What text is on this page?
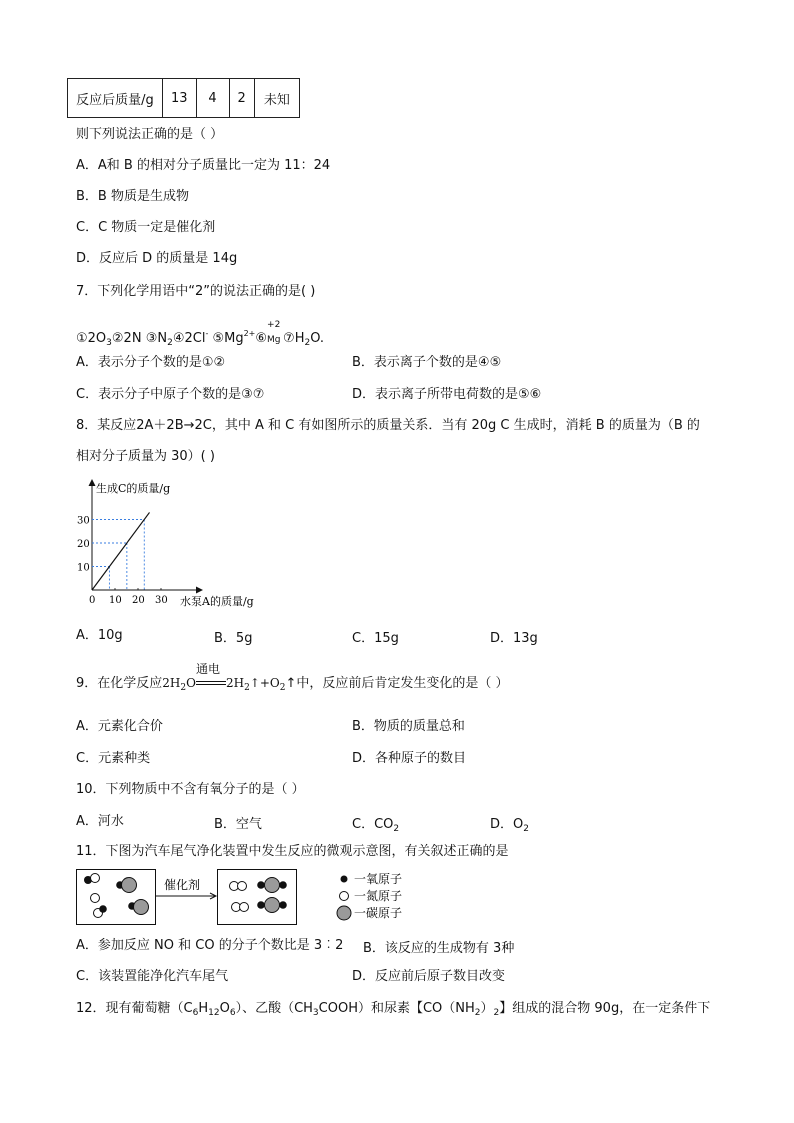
反应后质量/g	13	4	2	未知
则下列说法正确的是（ ）
A．A和 B 的相对分子质量比一定为 11：24
B．B 物质是生成物
C．C 物质一定是催化剂
D．反应后 D 的质量是 14g
7．下列化学用语中“2”的说法正确的是( )
$①2O_3②2N$ $③N_2④2Cl^-$ $⑤Mg^{2+}⑥$
+2
Mg $⑦H_2O$.
A．表示分子个数的是①②	B．表示离子个数的是④⑤
C．表示分子中原子个数的是③⑦	D．表示离子所带电荷数的是⑤⑥
8．某反应2A＋2B→2C，其中 A 和 C 有如图所示的质量关系．当有 20g C 生成时，消耗 B 的质量为（B 的
相对分子质量为 30）( )
生成C的质量/g
水泵A的质量/g
0 10 20 30
10
20
30
A．10g	B．5g	C．15g	D．13g
9．在化学反应$2H_2O$
通电
$2H_2↑+O_2↑$中，反应前后肯定发生变化的是（ ）
A．元素化合价	B．物质的质量总和
C．元素种类	D．各种原子的数目
10．下列物质中不含有氧分子的是（ ）
A．河水	B．空气	C．$CO_2$	D．$O_2$
11．下图为汽车尾气净化装置中发生反应的微观示意图，有关叙述正确的是
催化剂	一氧原子
一氮原子
一碳原子
A．参加反应 NO 和 CO 的分子个数比是 3︰2 B．该反应的生成物有 3种
C．该装置能净化汽车尾气	D．反应前后原子数目改变
12．现有葡萄糖$(C_6H_{12}O_6)$、乙酸$(CH_3COOH)$和尿素【$CO(NH_2)_2$】组成的混合物 90g，在一定条件下
